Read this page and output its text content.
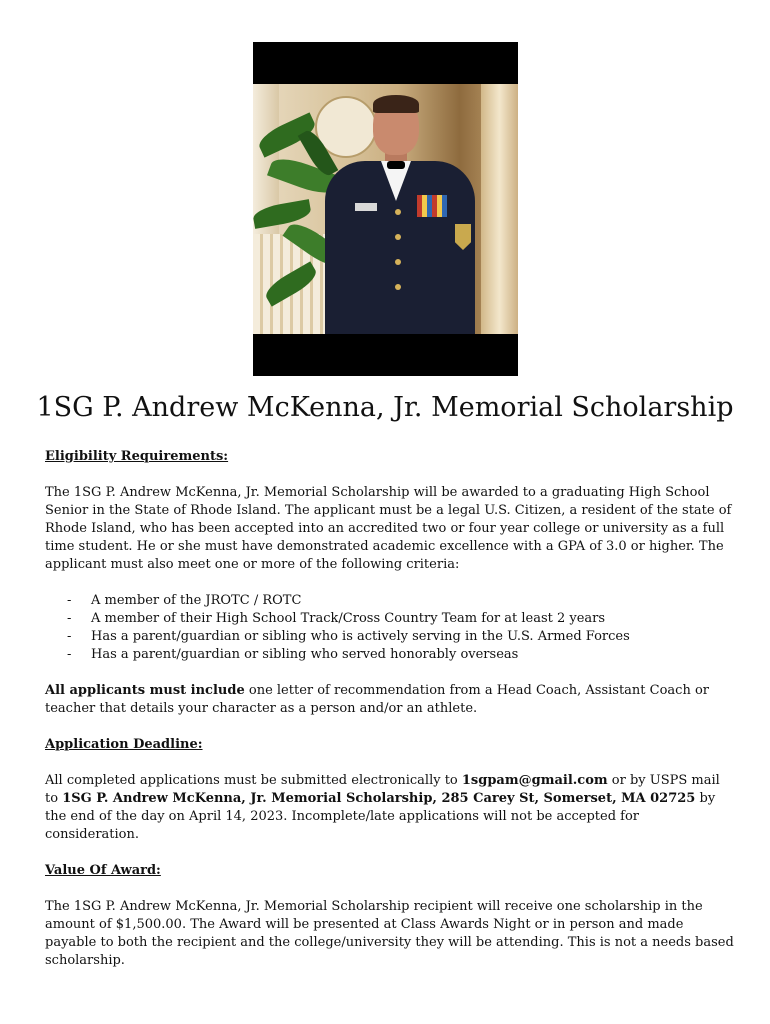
1SG P. Andrew McKenna, Jr. Memorial Scholarship

Eligibility Requirements:

The 1SG P. Andrew McKenna, Jr. Memorial Scholarship will be awarded to a graduating High School Senior in the State of Rhode Island. The applicant must be a legal U.S. Citizen, a resident of the state of Rhode Island, who has been accepted into an accredited two or four year college or university as a full time student. He or she must have demonstrated academic excellence with a GPA of 3.0 or higher. The applicant must also meet one or more of the following criteria:

- A member of the JROTC / ROTC
- A member of their High School Track/Cross Country Team for at least 2 years
- Has a parent/guardian or sibling who is actively serving in the U.S. Armed Forces
- Has a parent/guardian or sibling who served honorably overseas

All applicants must include one letter of recommendation from a Head Coach, Assistant Coach or teacher that details your character as a person and/or an athlete.

Application Deadline:

All completed applications must be submitted electronically to 1sgpam@gmail.com or by USPS mail to 1SG P. Andrew McKenna, Jr. Memorial Scholarship, 285 Carey St, Somerset, MA 02725 by the end of the day on April 14, 2023. Incomplete/late applications will not be accepted for consideration.

Value Of Award:

The 1SG P. Andrew McKenna, Jr. Memorial Scholarship recipient will receive one scholarship in the amount of $1,500.00. The Award will be presented at Class Awards Night or in person and made payable to both the recipient and the college/university they will be attending. This is not a needs based scholarship.
